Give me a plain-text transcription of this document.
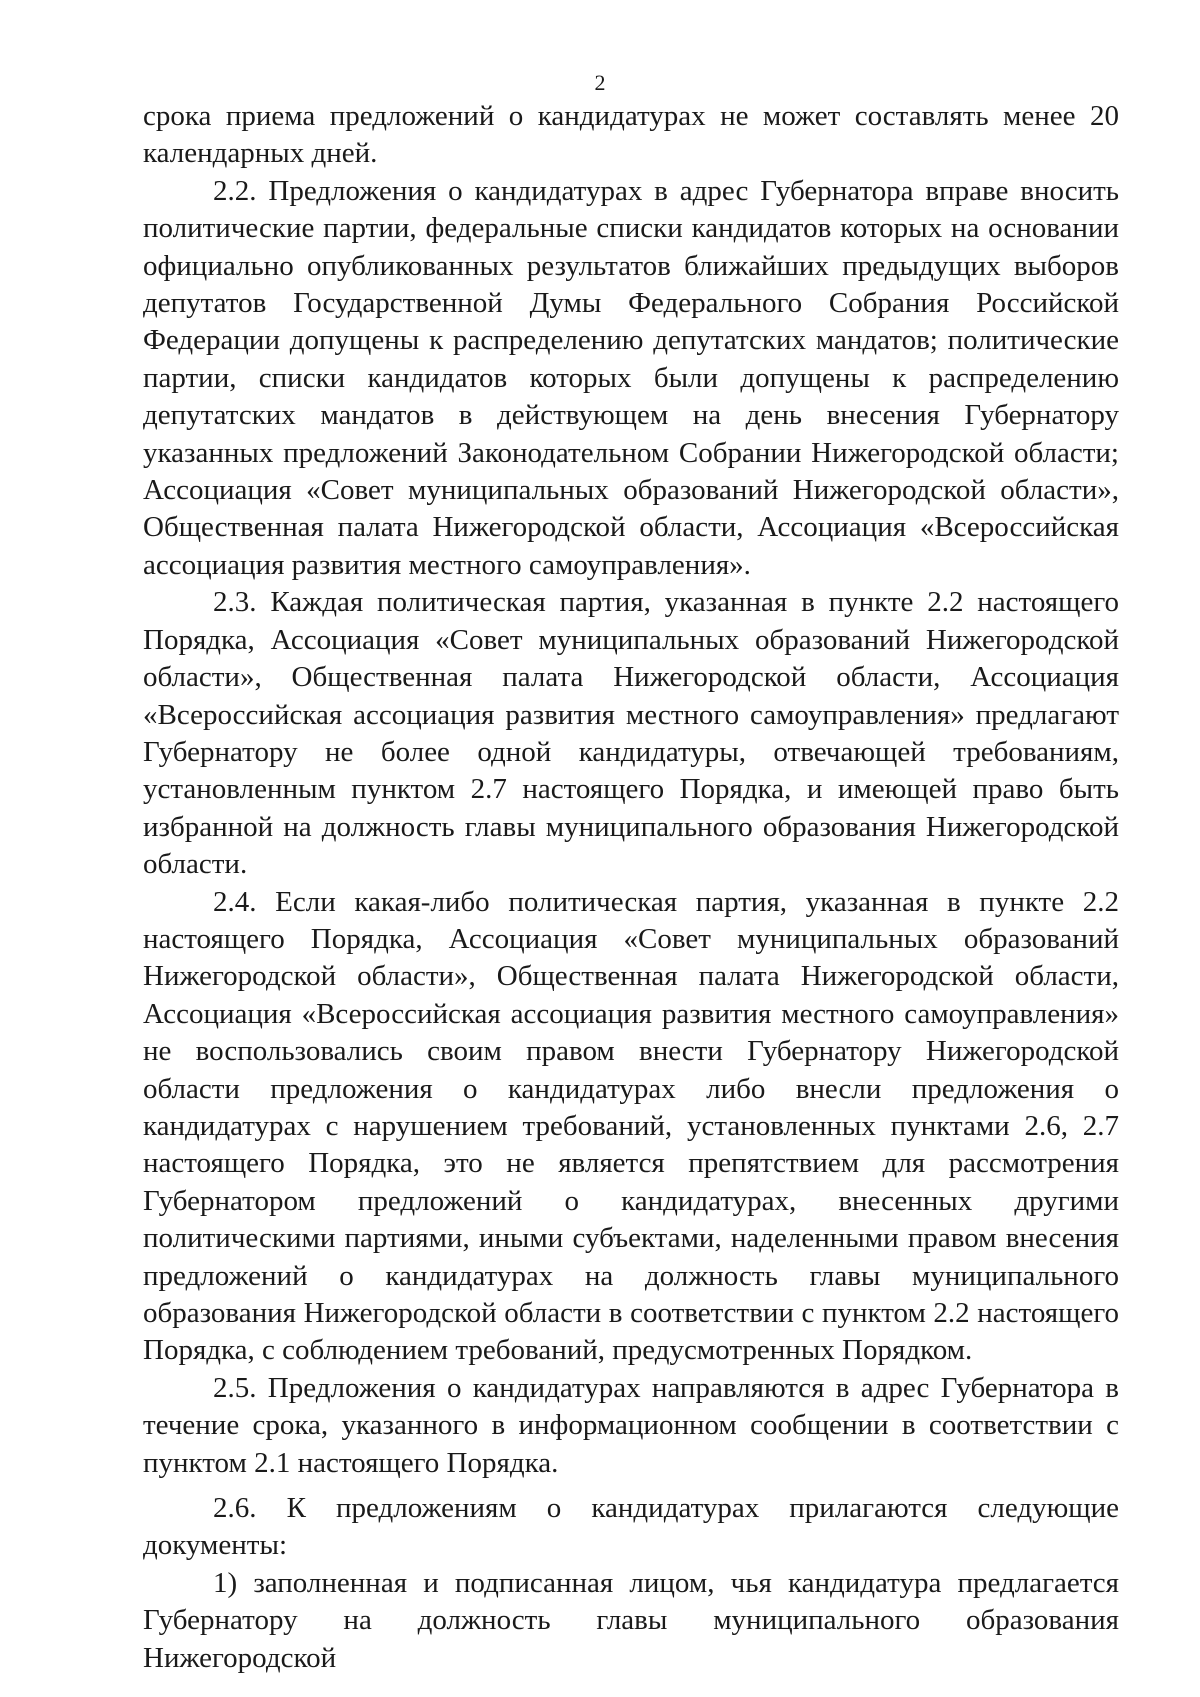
2

срока приема предложений о кандидатурах не может составлять менее 20 календарных дней.

2.2. Предложения о кандидатурах в адрес Губернатора вправе вносить политические партии, федеральные списки кандидатов которых на основании официально опубликованных результатов ближайших предыдущих выборов депутатов Государственной Думы Федерального Собрания Российской Федерации допущены к распределению депутатских мандатов; политические партии, списки кандидатов которых были допущены к распределению депутатских мандатов в действующем на день внесения Губернатору указанных предложений Законодательном Собрании Нижегородской области; Ассоциация «Совет муниципальных образований Нижегородской области», Общественная палата Нижегородской области, Ассоциация «Всероссийская ассоциация развития местного самоуправления».

2.3. Каждая политическая партия, указанная в пункте 2.2 настоящего Порядка, Ассоциация «Совет муниципальных образований Нижегородской области», Общественная палата Нижегородской области, Ассоциация «Всероссийская ассоциация развития местного самоуправления» предлагают Губернатору не более одной кандидатуры, отвечающей требованиям, установленным пунктом 2.7 настоящего Порядка, и имеющей право быть избранной на должность главы муниципального образования Нижегородской области.

2.4. Если какая-либо политическая партия, указанная в пункте 2.2 настоящего Порядка, Ассоциация «Совет муниципальных образований Нижегородской области», Общественная палата Нижегородской области, Ассоциация «Всероссийская ассоциация развития местного самоуправления» не воспользовались своим правом внести Губернатору Нижегородской области предложения о кандидатурах либо внесли предложения о кандидатурах с нарушением требований, установленных пунктами 2.6, 2.7 настоящего Порядка, это не является препятствием для рассмотрения Губернатором предложений о кандидатурах, внесенных другими политическими партиями, иными субъектами, наделенными правом внесения предложений о кандидатурах на должность главы муниципального образования Нижегородской области в соответствии с пунктом 2.2 настоящего Порядка, с соблюдением требований, предусмотренных Порядком.

2.5. Предложения о кандидатурах направляются в адрес Губернатора в течение срока, указанного в информационном сообщении в соответствии с пунктом 2.1 настоящего Порядка.

2.6. К предложениям о кандидатурах прилагаются следующие документы:

1) заполненная и подписанная лицом, чья кандидатура предлагается Губернатору на должность главы муниципального образования Нижегородской
